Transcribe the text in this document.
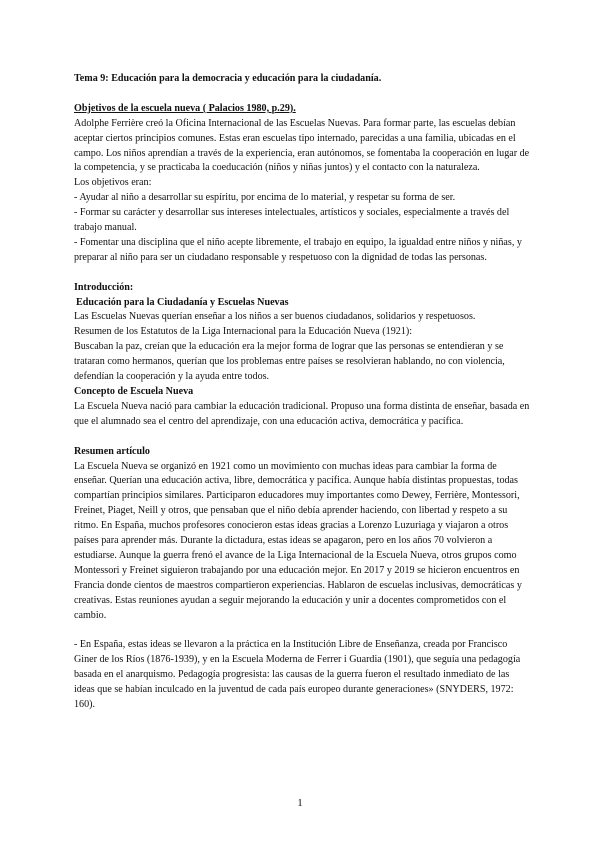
Tema 9: Educación para la democracia y educación para la ciudadanía.

Objetivos de la escuela nueva ( Palacios 1980, p.29).

Adolphe Ferrière creó la Oficina Internacional de las Escuelas Nuevas. Para formar parte, las escuelas debían aceptar ciertos principios comunes. Estas eran escuelas tipo internado, parecidas a una familia, ubicadas en el campo. Los niños aprendían a través de la experiencia, eran autónomos, se fomentaba la cooperación en lugar de la competencia, y se practicaba la coeducación (niños y niñas juntos) y el contacto con la naturaleza.

Los objetivos eran:

- Ayudar al niño a desarrollar su espíritu, por encima de lo material, y respetar su forma de ser.

- Formar su carácter y desarrollar sus intereses intelectuales, artísticos y sociales, especialmente a través del trabajo manual.

- Fomentar una disciplina que el niño acepte libremente, el trabajo en equipo, la igualdad entre niños y niñas, y preparar al niño para ser un ciudadano responsable y respetuoso con la dignidad de todas las personas.

Introducción:

Educación para la Ciudadanía y Escuelas Nuevas

Las Escuelas Nuevas querían enseñar a los niños a ser buenos ciudadanos, solidarios y respetuosos.

Resumen de los Estatutos de la Liga Internacional para la Educación Nueva (1921):

Buscaban la paz, creían que la educación era la mejor forma de lograr que las personas se entendieran y se trataran como hermanos, querían que los problemas entre países se resolvieran hablando, no con violencia, defendían la cooperación y la ayuda entre todos.

Concepto de Escuela Nueva

La Escuela Nueva nació para cambiar la educación tradicional. Propuso una forma distinta de enseñar, basada en que el alumnado sea el centro del aprendizaje, con una educación activa, democrática y pacífica.

Resumen artículo

La Escuela Nueva se organizó en 1921 como un movimiento con muchas ideas para cambiar la forma de enseñar. Querían una educación activa, libre, democrática y pacífica. Aunque había distintas propuestas, todas compartían principios similares. Participaron educadores muy importantes como Dewey, Ferrière, Montessori, Freinet, Piaget, Neill y otros, que pensaban que el niño debía aprender haciendo, con libertad y respeto a su ritmo. En España, muchos profesores conocieron estas ideas gracias a Lorenzo Luzuriaga y viajaron a otros países para aprender más. Durante la dictadura, estas ideas se apagaron, pero en los años 70 volvieron a estudiarse. Aunque la guerra frenó el avance de la Liga Internacional de la Escuela Nueva, otros grupos como Montessori y Freinet siguieron trabajando por una educación mejor. En 2017 y 2019 se hicieron encuentros en Francia donde cientos de maestros compartieron experiencias. Hablaron de escuelas inclusivas, democráticas y creativas. Estas reuniones ayudan a seguir mejorando la educación y unir a docentes comprometidos con el cambio.

- En España, estas ideas se llevaron a la práctica en la Institución Libre de Enseñanza, creada por Francisco Giner de los Ríos (1876-1939), y en la Escuela Moderna de Ferrer i Guardia (1901), que seguía una pedagogía basada en el anarquismo. Pedagogía progresista: las causas de la guerra fueron el resultado inmediato de las ideas que se habían inculcado en la juventud de cada país europeo durante generaciones» (SNYDERS, 1972: 160).

1
